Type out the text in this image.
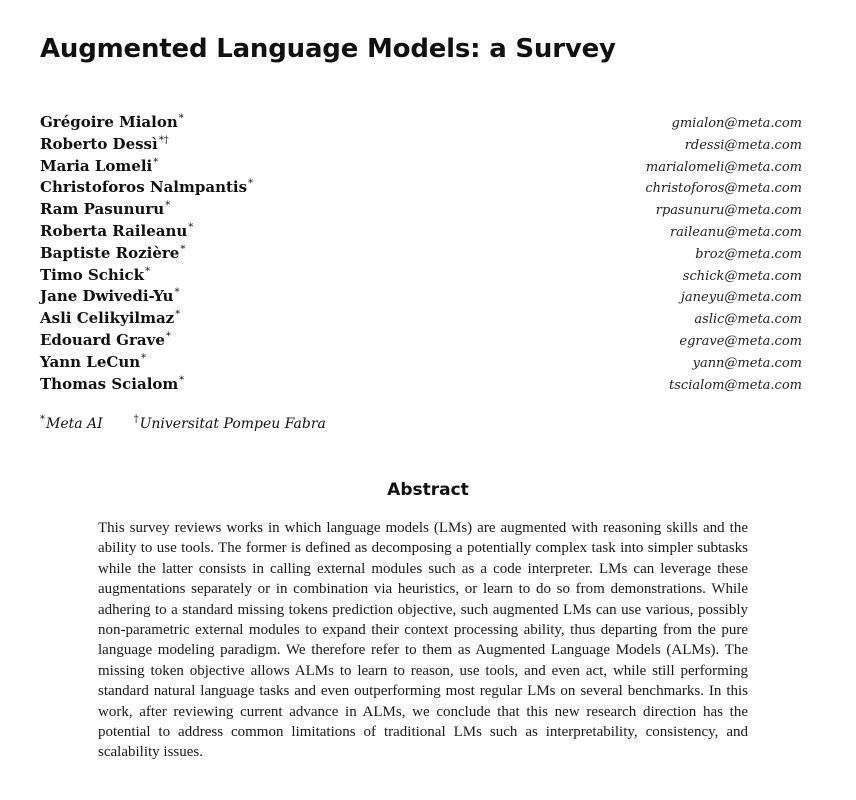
Augmented Language Models: a Survey
Grégoire Mialon*	gmialon@meta.com
Roberto Dessì*†	rdessi@meta.com
Maria Lomeli*	marialomeli@meta.com
Christoforos Nalmpantis*	christoforos@meta.com
Ram Pasunuru*	rpasunuru@meta.com
Roberta Raileanu*	raileanu@meta.com
Baptiste Rozière*	broz@meta.com
Timo Schick*	schick@meta.com
Jane Dwivedi-Yu*	janeyu@meta.com
Asli Celikyilmaz*	aslic@meta.com
Edouard Grave*	egrave@meta.com
Yann LeCun*	yann@meta.com
Thomas Scialom*	tscialom@meta.com
*Meta AI	†Universitat Pompeu Fabra
Abstract

This survey reviews works in which language models (LMs) are augmented with reasoning skills and the ability to use tools. The former is defined as decomposing a potentially complex task into simpler subtasks while the latter consists in calling external modules such as a code interpreter. LMs can leverage these augmentations separately or in combination via heuristics, or learn to do so from demonstrations. While adhering to a standard missing tokens prediction objective, such augmented LMs can use various, possibly non-parametric external modules to expand their context processing ability, thus departing from the pure language modeling paradigm. We therefore refer to them as Augmented Language Models (ALMs). The missing token objective allows ALMs to learn to reason, use tools, and even act, while still performing standard natural language tasks and even outperforming most regular LMs on several benchmarks. In this work, after reviewing current advance in ALMs, we conclude that this new research direction has the potential to address common limitations of traditional LMs such as interpretability, consistency, and scalability issues.
